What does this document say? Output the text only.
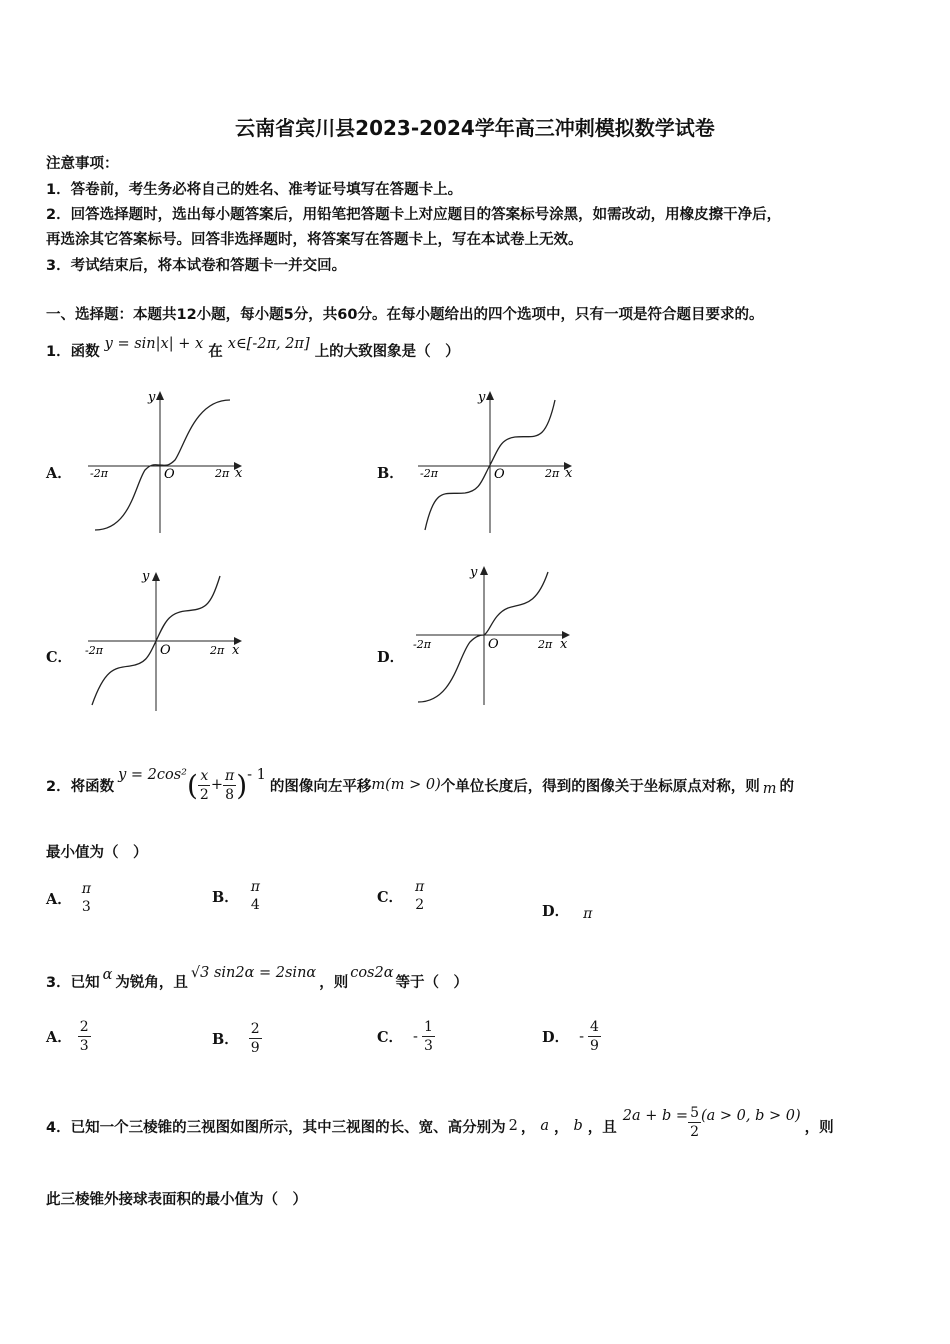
云南省宾川县2023-2024学年高三冲刺模拟数学试卷
注意事项：
1．答卷前，考生务必将自己的姓名、准考证号填写在答题卡上。
2．回答选择题时，选出每小题答案后，用铅笔把答题卡上对应题目的答案标号涂黑，如需改动，用橡皮擦干净后，
再选涂其它答案标号。回答非选择题时，将答案写在答题卡上，写在本试卷上无效。
3．考试结束后，将本试卷和答题卡一并交回。
一、选择题：本题共12小题，每小题5分，共60分。在每小题给出的四个选项中，只有一项是符合题目要求的。
1．函数 y = sin|x| + x 在 x∈[-2π, 2π] 上的大致图象是（　）
A．	B．
C．	D．
y
x
O
-2π	2π
y
x
O
-2π	2π
y
x
O
-2π	2π
y
x
O
-2π	2π
2．将函数
y = 2cos² ( $\frac{x}{2} + \frac{\pi}{8}$ ) - 1
的图像向左平移 m(m > 0) 个单位长度后，得到的图像关于坐标原点对称，则 m 的
最小值为（　）
A．
π
3
B．
π
4	C．
π
2	D． π
3．已知 α 为锐角，且
√3 sin2α = 2sinα
，则
cos2α
等于（　）
A． $\frac{2}{3}$	B． $\frac{2}{9}$	C． - $\frac{1}{3}$	D． - $\frac{4}{9}$
4．已知一个三棱锥的三视图如图所示，其中三视图的长、宽、高分别为 2 ， a ， b ，且
$2a + b = \frac{5}{2} (a > 0$, b > 0)
，则
此三棱锥外接球表面积的最小值为（　）
